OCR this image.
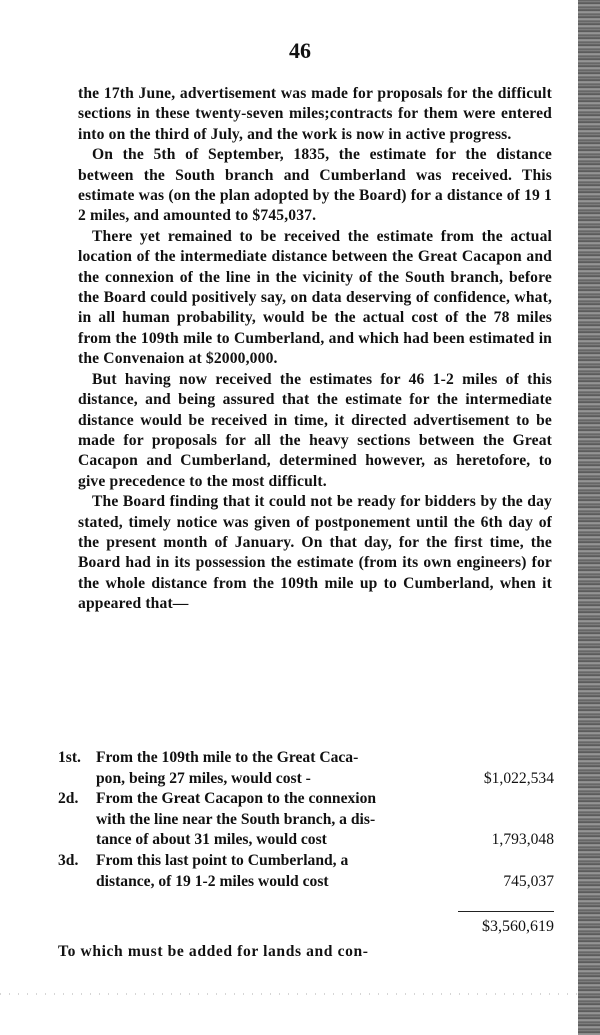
46

the 17th June, advertisement was made for proposals for the difficult sections in these twenty-seven miles;contracts for them were entered into on the third of July, and the work is now in active progress.

On the 5th of September, 1835, the estimate for the distance between the South branch and Cumberland was received. This estimate was (on the plan adopted by the Board) for a distance of 19 1 2 miles, and amounted to $745,037.

There yet remained to be received the estimate from the actual location of the intermediate distance between the Great Cacapon and the connexion of the line in the vicinity of the South branch, before the Board could positively say, on data deserving of confidence, what, in all human probability, would be the actual cost of the 78 miles from the 109th mile to Cumberland, and which had been estimated in the Convenaion at $2000,000.

But having now received the estimates for 46 1-2 miles of this distance, and being assured that the estimate for the intermediate distance would be received in time, it directed advertisement to be made for proposals for all the heavy sections between the Great Cacapon and Cumberland, determined however, as heretofore, to give precedence to the most difficult.

The Board finding that it could not be ready for bidders by the day stated, timely notice was given of postponement until the 6th day of the present month of January. On that day, for the first time, the Board had in its possession the estimate (from its own engineers) for the whole distance from the 109th mile up to Cumberland, when it appeared that—

1st. From the 109th mile to the Great Caca-
pon, being 27 miles, would cost -	$1,022,534
2d. From the Great Cacapon to the connexion
with the line near the South branch, a dis-
tance of about 31 miles, would cost	1,793,048
3d. From this last point to Cumberland, a
distance, of 19 1-2 miles would cost	745,037
$3,560,619
To which must be added for lands and con-
